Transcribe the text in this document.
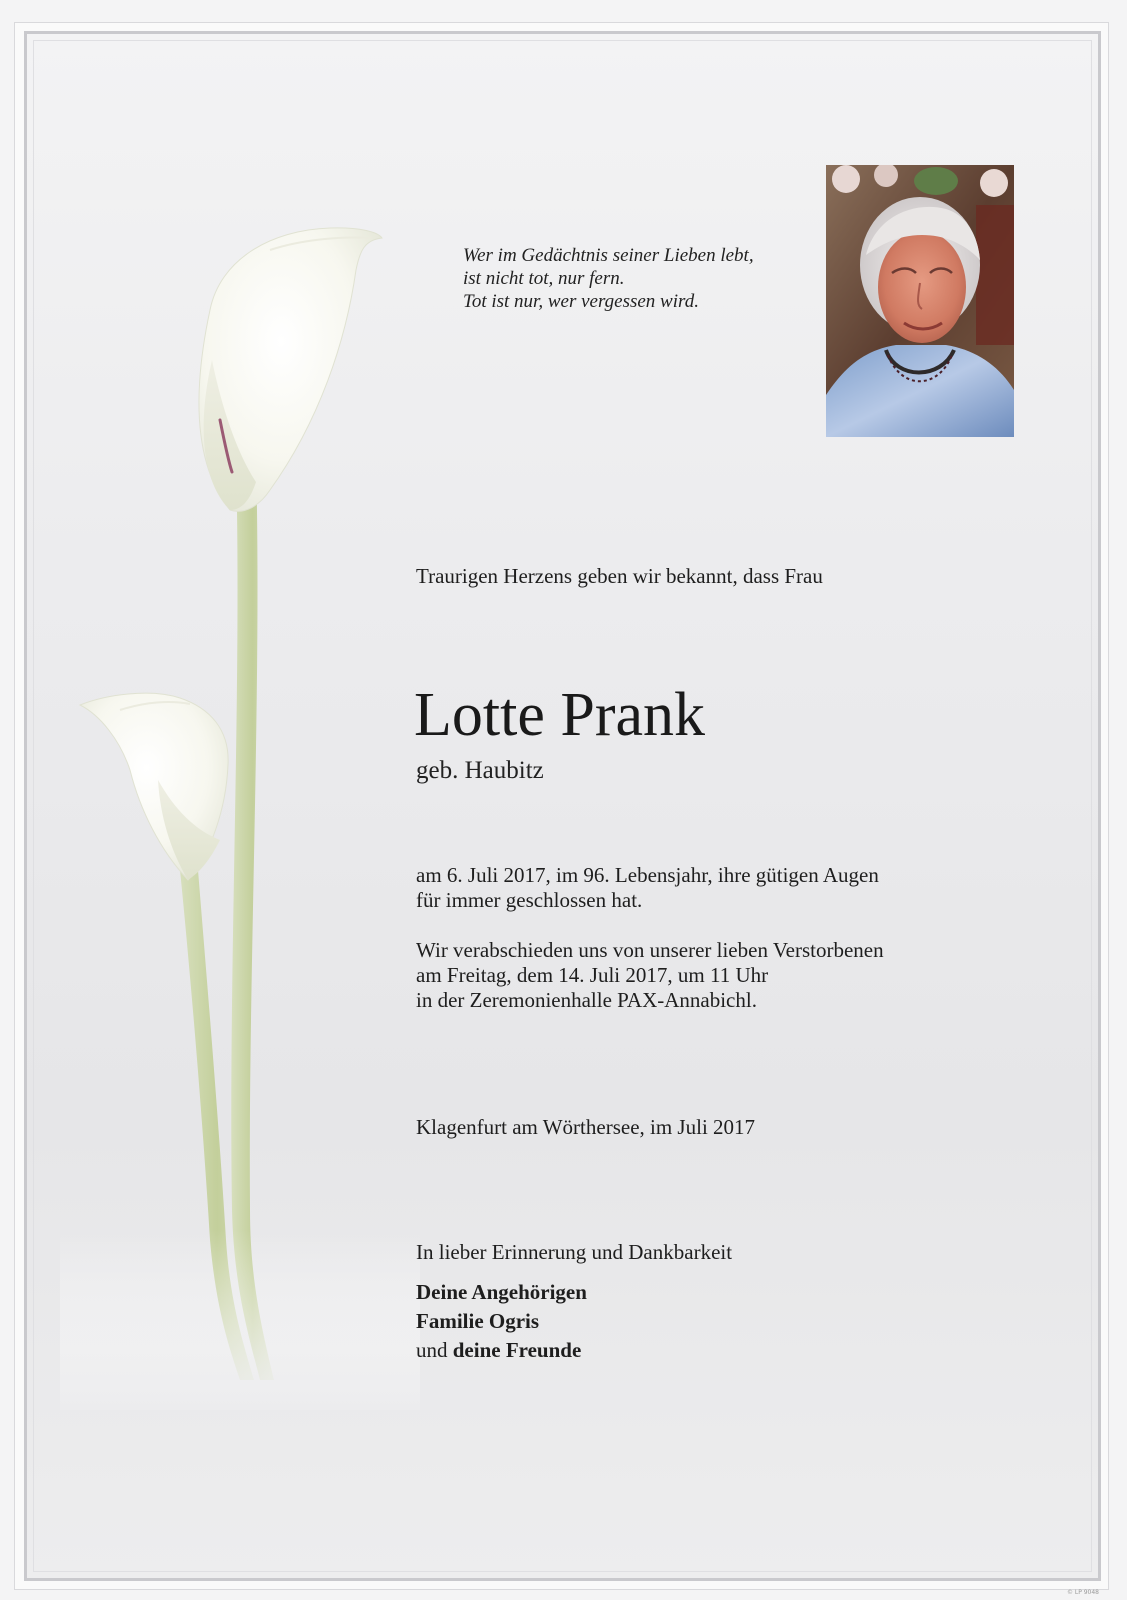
Wer im Gedächtnis seiner Lieben lebt,
ist nicht tot, nur fern.
Tot ist nur, wer vergessen wird.
Traurigen Herzens geben wir bekannt, dass Frau
Lotte Prank
geb. Haubitz
am 6. Juli 2017, im 96. Lebensjahr, ihre gütigen Augen
für immer geschlossen hat.
Wir verabschieden uns von unserer lieben Verstorbenen
am Freitag, dem 14. Juli 2017, um 11 Uhr
in der Zeremonienhalle PAX-Annabichl.
Klagenfurt am Wörthersee, im Juli 2017
In lieber Erinnerung und Dankbarkeit
Deine Angehörigen
Familie Ogris
und deine Freunde
© LP 9048
